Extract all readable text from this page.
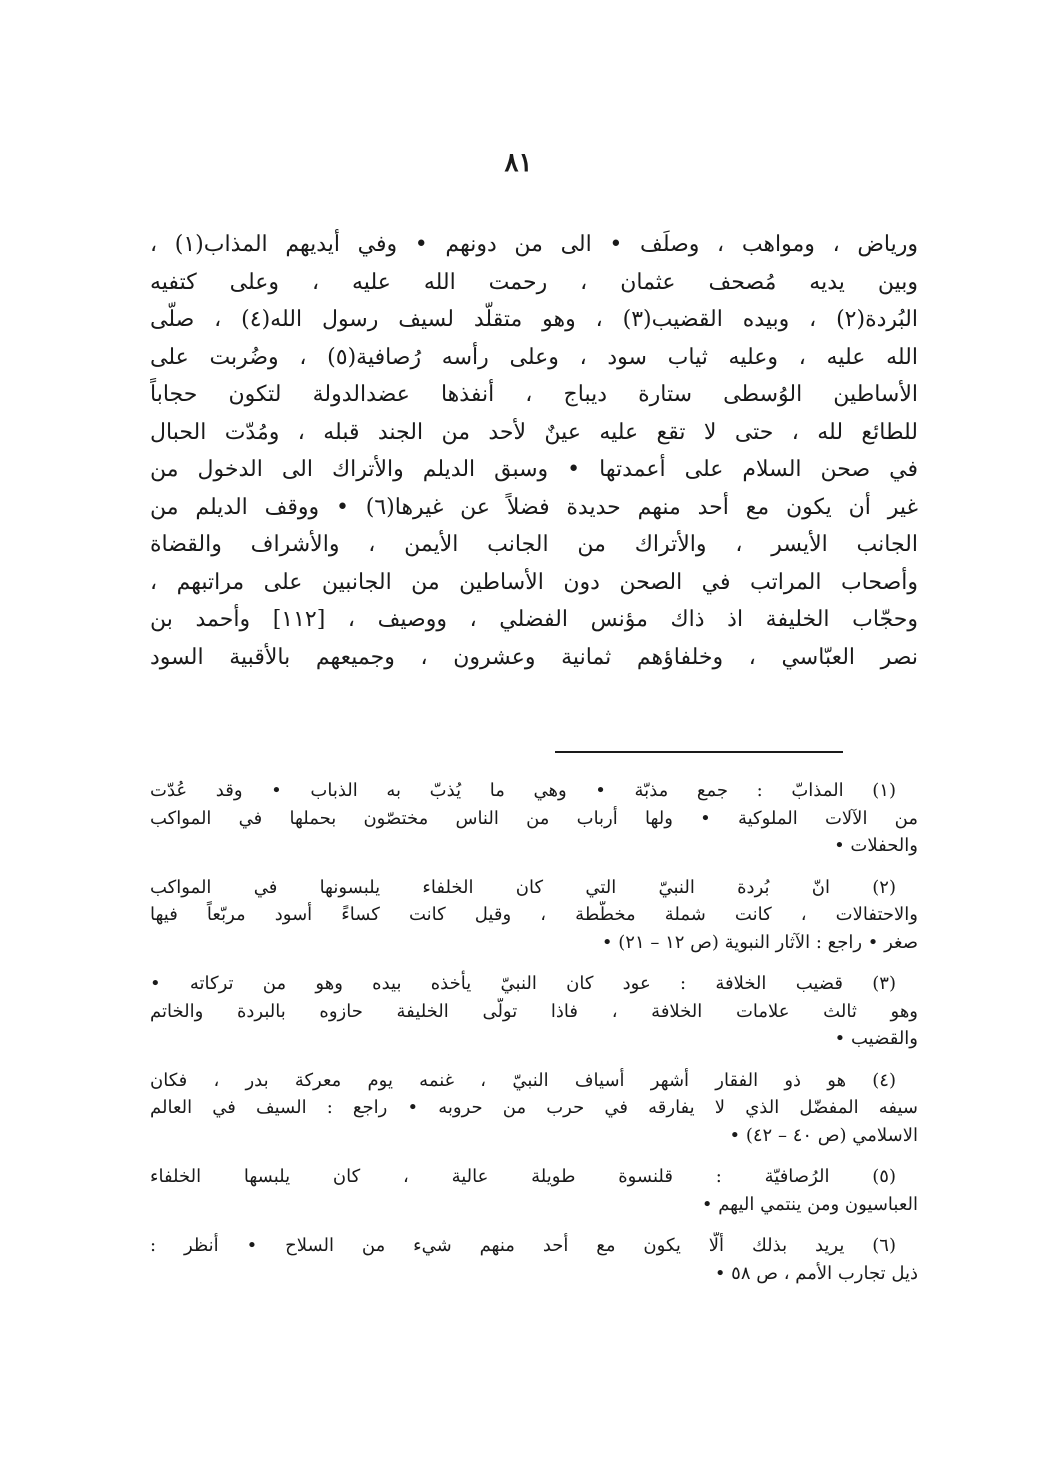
٨١
ورياض ، ومواهب ، وصلَف • الى من دونهم • وفي أيديهم المذاب‌(١) ،
وبين يديه مُصحف عثمان ، رحمت الله عليه ، وعلى كتفيه
البُردة(٢) ، وبيده القضيب(٣) ، وهو متقلّد لسيف رسول الله(٤) ، صلّى
الله عليه ، وعليه ثياب سود ، وعلى رأسه رُصافية(٥) ، وضُربت على
الأساطين الوُسطى ستارة ديباج ، أنفذها عضدالدولة لتكون حجاباً
للطائع لله ، حتى لا تقع عليه عينٌ لأحد من الجند قبله ، ومُدّت الحبال
في صحن السلام على أعمدتها • وسبق الديلم والأتراك الى الدخول من
غير أن يكون مع أحد منهم حديدة فضلاً عن غيرها(٦) • ووقف الديلم من
الجانب الأيسر ، والأتراك من الجانب الأيمن ، والأشراف والقضاة
وأصحاب المراتب في الصحن دون الأساطين من الجانبين على مراتبهم ،
وحجّاب الخليفة اذ ذاك مؤنس الفضلي ، ووصيف ، [١١٢] وأحمد بن
نصر العبّاسي ، وخلفاؤهم ثمانية وعشرون ، وجميعهم بالأقبية السود
(١) المذابّ : جمع مذبّة • وهي ما يُذبّ به الذباب • وقد عُدّت
من الآلات الملوكية • ولها أرباب من الناس مختصّون بحملها في المواكب
والحفلات •
(٢) انّ بُردة النبيّ التي كان الخلفاء يلبسونها في المواكب
والاحتفالات ، كانت شملة مخطّطة ، وقيل كانت كساءً أسود مربّعاً فيها
صغر • راجع : الآثار النبوية (ص ١٢ – ٢١) •
(٣) قضيب الخلافة : عود كان النبيّ يأخذه بيده وهو من تركاته •
وهو ثالث علامات الخلافة ، فاذا تولّى الخليفة حازوه بالبردة والخاتم
والقضيب •
(٤) هو ذو الفقار أشهر أسياف النبيّ ، غنمه يوم معركة بدر ، فكان
سيفه المفضّل الذي لا يفارقه في حرب من حروبه • راجع : السيف في العالم
الاسلامي (ص ٤٠ – ٤٢) •
(٥) الرُصافيّة : قلنسوة طويلة عالية ، كان يلبسها الخلفاء
العباسيون ومن ينتمي اليهم •
(٦) يريد بذلك ألّا يكون مع أحد منهم شيء من السلاح • أنظر :
ذيل تجارب الأمم ، ص ٥٨ •
